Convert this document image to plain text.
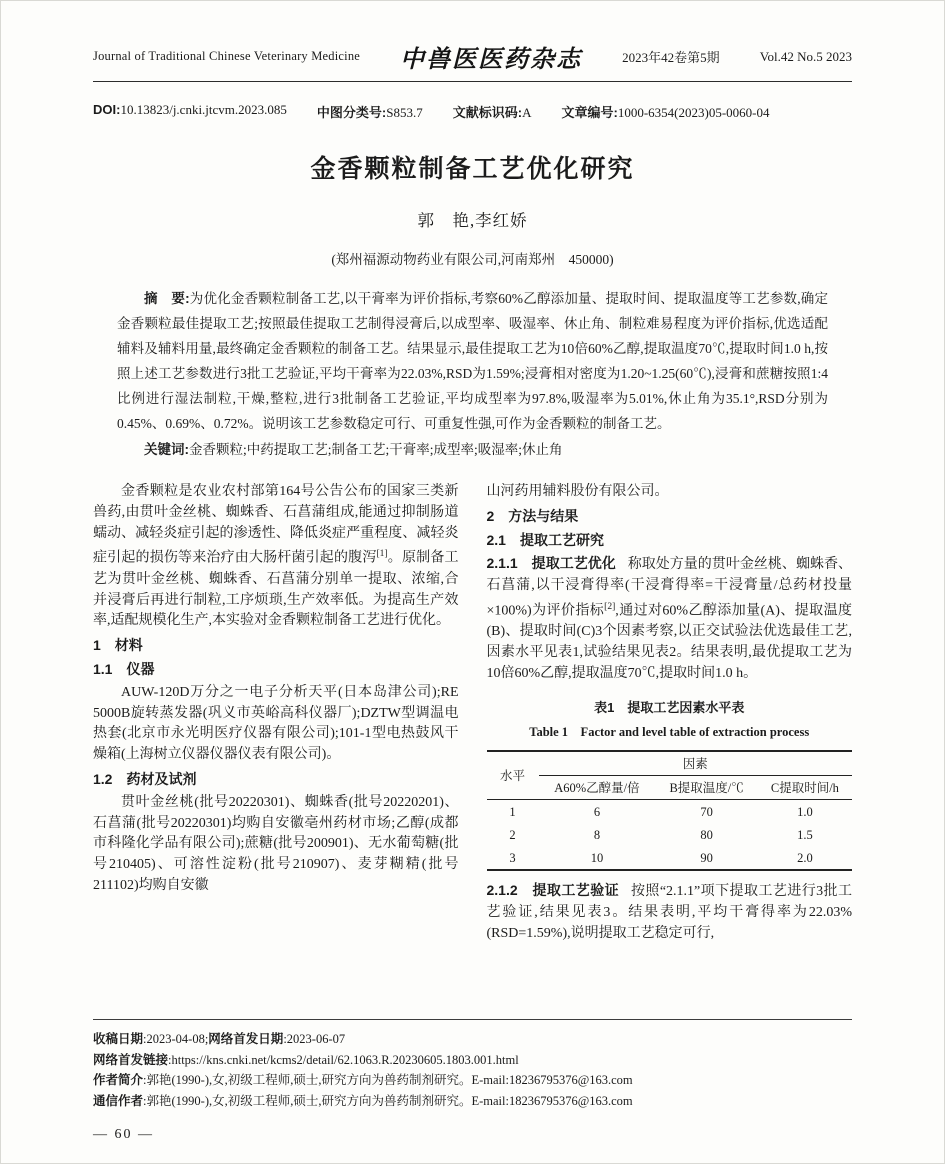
Journal of Traditional Chinese Veterinary Medicine 中兽医医药杂志	2023年42卷第5期	Vol.42 No.5 2023
DOI:10.13823/j.cnki.jtcvm.2023.085 中图分类号:S853.7 文献标识码:A 文章编号:1000-6354(2023)05-0060-04
金香颗粒制备工艺优化研究
郭　艳,李红娇
(郑州福源动物药业有限公司,河南郑州　450000)

摘　要:为优化金香颗粒制备工艺,以干膏率为评价指标,考察60%乙醇添加量、提取时间、提取温度等工艺参数,确定金香颗粒最佳提取工艺;按照最佳提取工艺制得浸膏后,以成型率、吸湿率、休止角、制粒难易程度为评价指标,优选适配辅料及辅料用量,最终确定金香颗粒的制备工艺。结果显示,最佳提取工艺为10倍60%乙醇,提取温度70℃,提取时间1.0 h,按照上述工艺参数进行3批工艺验证,平均干膏率为22.03%,RSD为1.59%;浸膏相对密度为1.20~1.25(60℃),浸膏和蔗糖按照1:4比例进行湿法制粒,干燥,整粒,进行3批制备工艺验证,平均成型率为97.8%,吸湿率为5.01%,休止角为35.1°,RSD分别为0.45%、0.69%、0.72%。说明该工艺参数稳定可行、可重复性强,可作为金香颗粒的制备工艺。

关键词:金香颗粒;中药提取工艺;制备工艺;干膏率;成型率;吸湿率;休止角

金香颗粒是农业农村部第164号公告公布的国家三类新兽药,由贯叶金丝桃、蜘蛛香、石菖蒲组成,能通过抑制肠道蠕动、减轻炎症引起的渗透性、降低炎症严重程度、减轻炎症引起的损伤等来治疗由大肠杆菌引起的腹泻[1]。原制备工艺为贯叶金丝桃、蜘蛛香、石菖蒲分别单一提取、浓缩,合并浸膏后再进行制粒,工序烦琐,生产效率低。为提高生产效率,适配规模化生产,本实验对金香颗粒制备工艺进行优化。

1　材料
1.1　仪器

AUW-120D万分之一电子分析天平(日本岛津公司);RE 5000B旋转蒸发器(巩义市英峪高科仪器厂);DZTW型调温电热套(北京市永光明医疗仪器有限公司);101-1型电热鼓风干燥箱(上海树立仪器仪器仪表有限公司)。

1.2　药材及试剂

贯叶金丝桃(批号20220301)、蜘蛛香(批号20220201)、石菖蒲(批号20220301)均购自安徽亳州药材市场;乙醇(成都市科隆化学品有限公司);蔗糖(批号200901)、无水葡萄糖(批号210405)、可溶性淀粉(批号210907)、麦芽糊精(批号211102)均购自安徽

山河药用辅料股份有限公司。

2　方法与结果
2.1　提取工艺研究

2.1.1　提取工艺优化 称取处方量的贯叶金丝桃、蜘蛛香、石菖蒲,以干浸膏得率(干浸膏得率=干浸膏量/总药材投量×100%)为评价指标[2],通过对60%乙醇添加量(A)、提取温度(B)、提取时间(C)3个因素考察,以正交试验法优选最佳工艺,因素水平见表1,试验结果见表2。结果表明,最优提取工艺为10倍60%乙醇,提取温度70℃,提取时间1.0 h。

表1　提取工艺因素水平表
Table 1　Factor and level table of extraction process
水平	因素		
	A60%乙醇量/倍	B提取温度/℃	C提取时间/h
1	6	70	1.0
2	8	80	1.5
3	10	90	2.0

2.1.2　提取工艺验证 按照“2.1.1”项下提取工艺进行3批工艺验证,结果见表3。结果表明,平均干膏得率为22.03%(RSD=1.59%),说明提取工艺稳定可行,

收稿日期:2023-04-08;网络首发日期:2023-06-07

网络首发链接:https://kns.cnki.net/kcms2/detail/62.1063.R.20230605.1803.001.html

作者简介:郭艳(1990-),女,初级工程师,硕士,研究方向为兽药制剂研究。E-mail:18236795376@163.com

通信作者:郭艳(1990-),女,初级工程师,硕士,研究方向为兽药制剂研究。E-mail:18236795376@163.com

— 60 —
